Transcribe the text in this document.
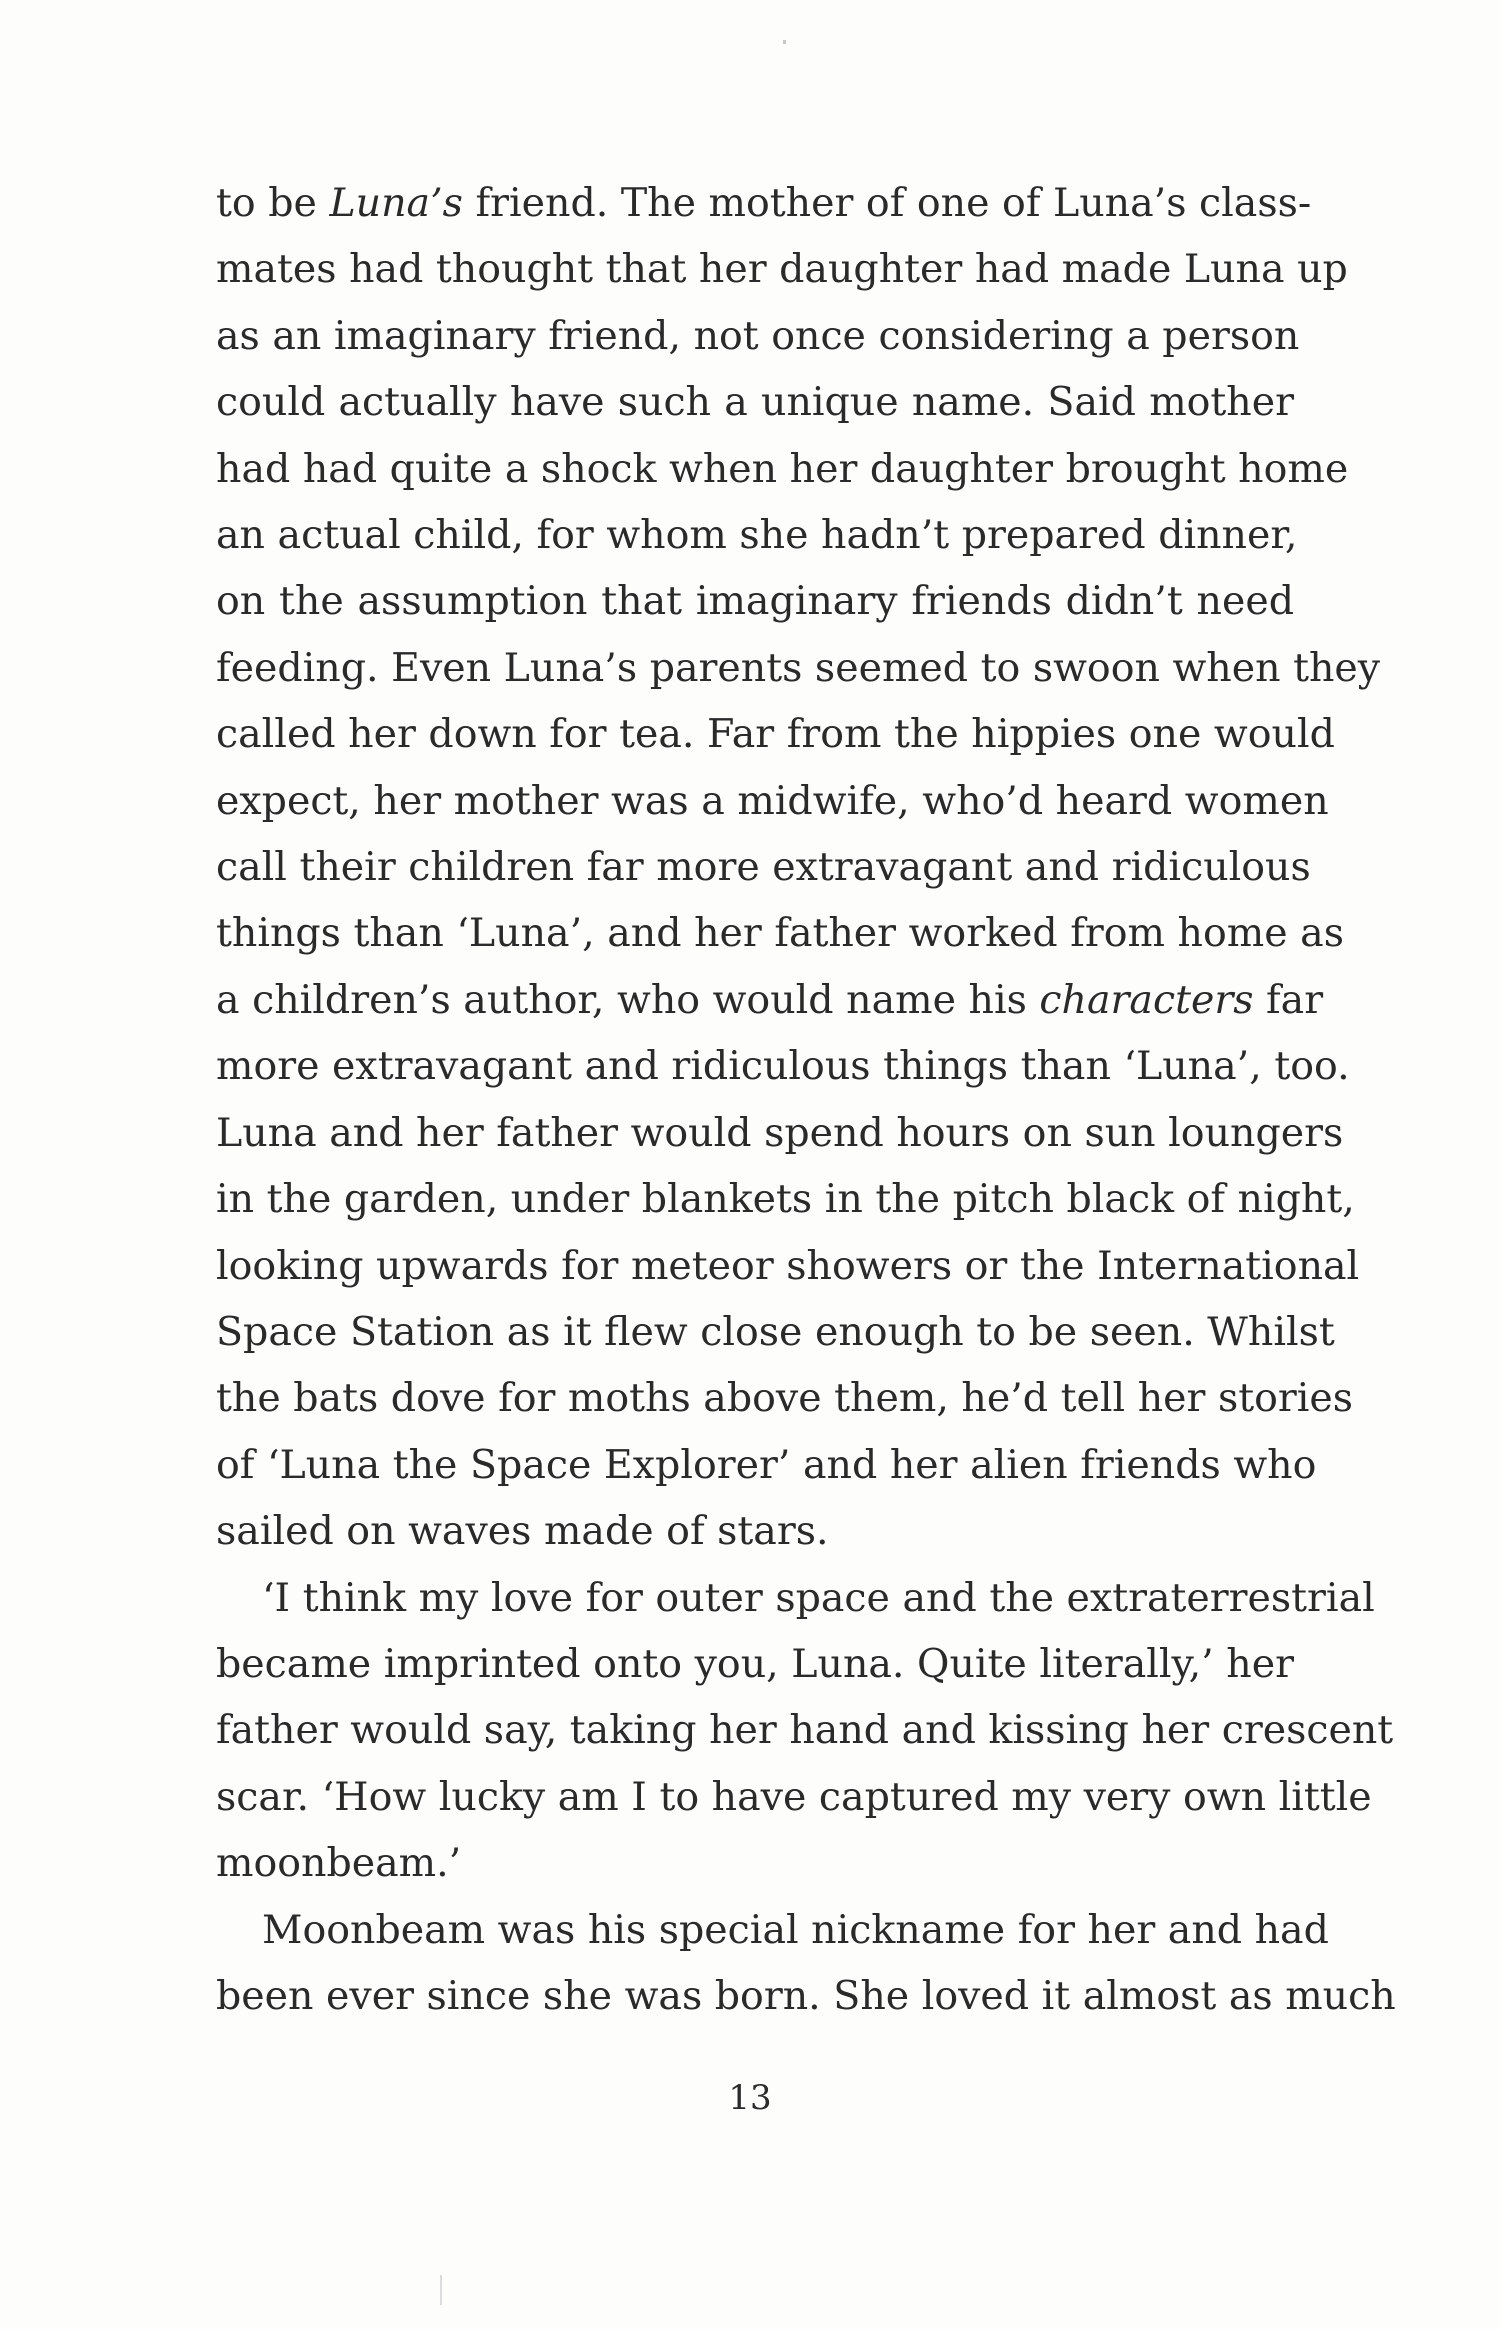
to be Luna’s friend. The mother of one of Luna’s class-
mates had thought that her daughter had made Luna up
as an imaginary friend, not once considering a person
could actually have such a unique name. Said mother
had had quite a shock when her daughter brought home
an actual child, for whom she hadn’t prepared dinner,
on the assumption that imaginary friends didn’t need
feeding. Even Luna’s parents seemed to swoon when they
called her down for tea. Far from the hippies one would
expect, her mother was a midwife, who’d heard women
call their children far more extravagant and ridiculous
things than ‘Luna’, and her father worked from home as
a children’s author, who would name his characters far
more extravagant and ridiculous things than ‘Luna’, too.
Luna and her father would spend hours on sun loungers
in the garden, under blankets in the pitch black of night,
looking upwards for meteor showers or the International
Space Station as it flew close enough to be seen. Whilst
the bats dove for moths above them, he’d tell her stories
of ‘Luna the Space Explorer’ and her alien friends who
sailed on waves made of stars.

‘I think my love for outer space and the extraterrestrial
became imprinted onto you, Luna. Quite literally,’ her
father would say, taking her hand and kissing her crescent
scar. ‘How lucky am I to have captured my very own little
moonbeam.’

Moonbeam was his special nickname for her and had
been ever since she was born. She loved it almost as much

13
